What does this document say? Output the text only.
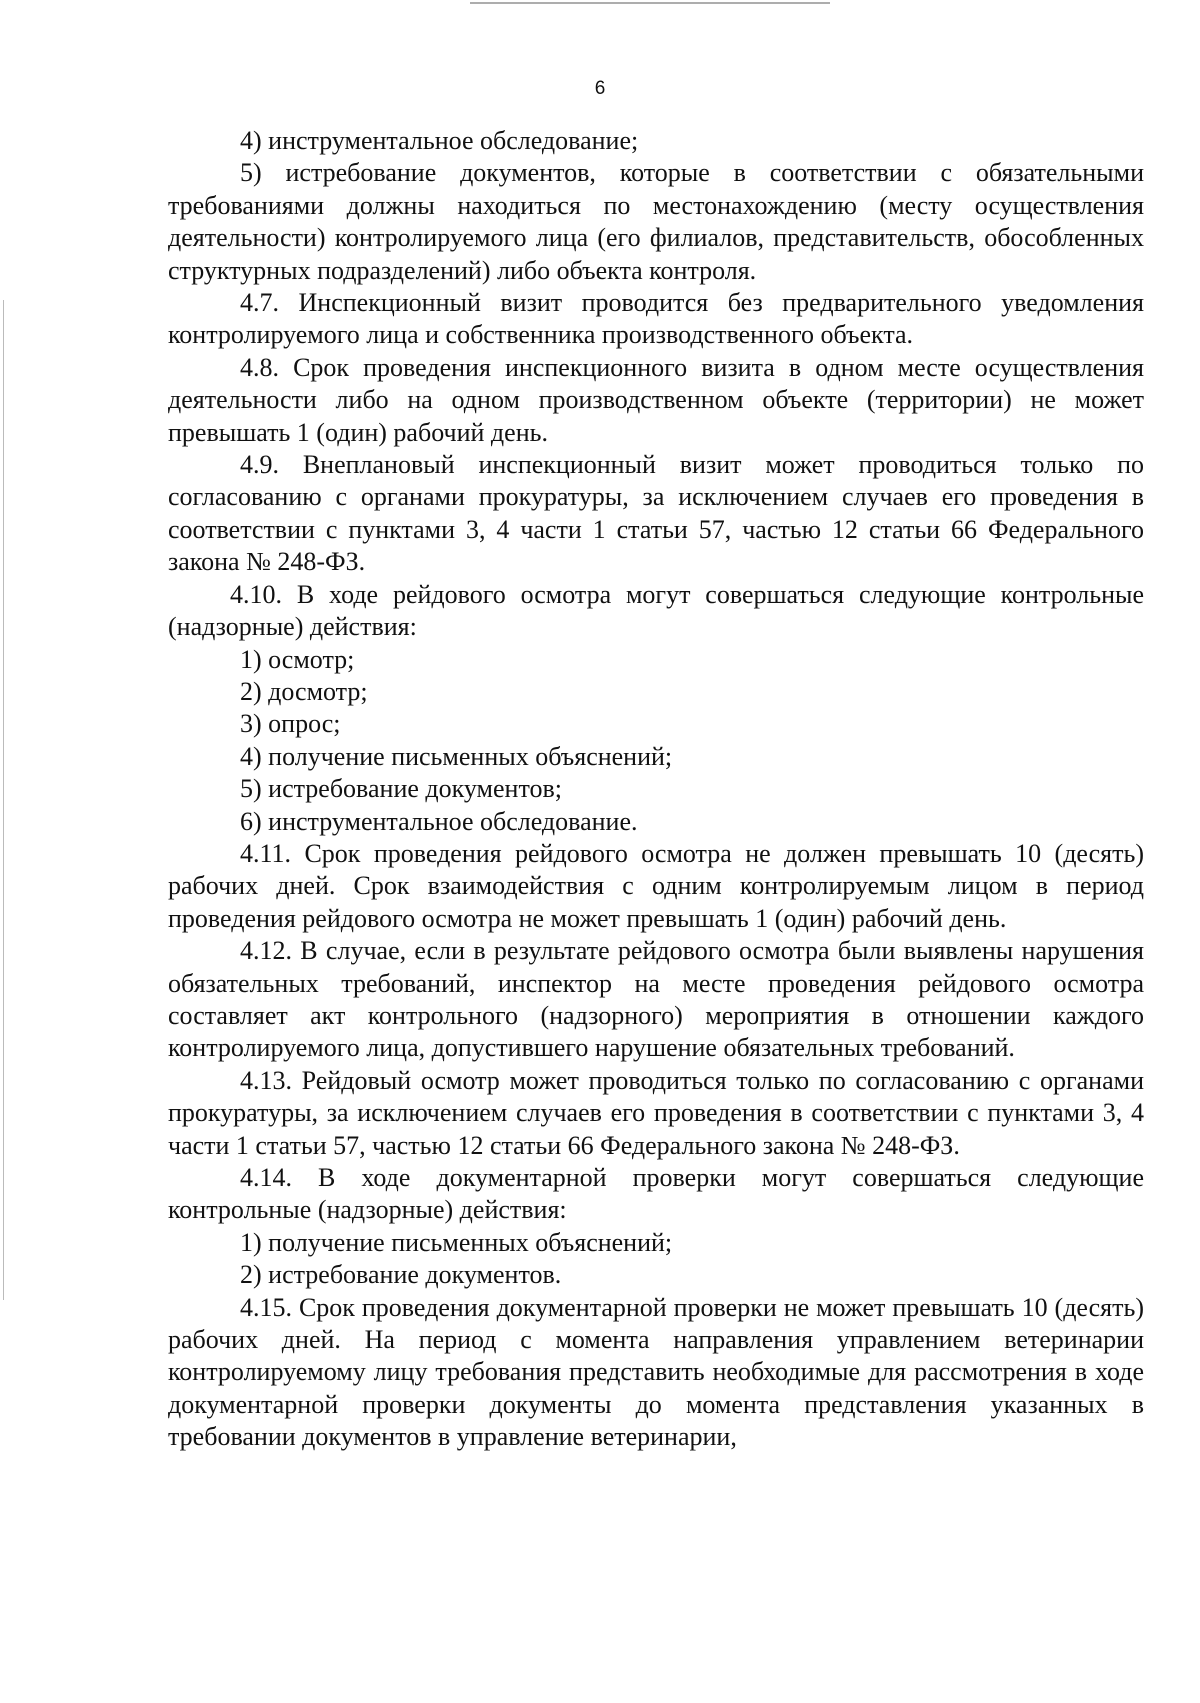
6

4) инструментальное обследование;

5) истребование документов, которые в соответствии с обязательными требованиями должны находиться по местонахождению (месту осуществления деятельности) контролируемого лица (его филиалов, представительств, обособленных структурных подразделений) либо объекта контроля.

4.7. Инспекционный визит проводится без предварительного уведомления контролируемого лица и собственника производственного объекта.

4.8. Срок проведения инспекционного визита в одном месте осуществления деятельности либо на одном производственном объекте (территории) не может превышать 1 (один) рабочий день.

4.9. Внеплановый инспекционный визит может проводиться только по согласованию с органами прокуратуры, за исключением случаев его проведения в соответствии с пунктами 3, 4 части 1 статьи 57, частью 12 статьи 66 Федерального закона № 248-ФЗ.

4.10. В ходе рейдового осмотра могут совершаться следующие контрольные (надзорные) действия:

1) осмотр;

2) досмотр;

3) опрос;

4) получение письменных объяснений;

5) истребование документов;

6) инструментальное обследование.

4.11. Срок проведения рейдового осмотра не должен превышать 10 (десять) рабочих дней. Срок взаимодействия с одним контролируемым лицом в период проведения рейдового осмотра не может превышать 1 (один) рабочий день.

4.12. В случае, если в результате рейдового осмотра были выявлены нарушения обязательных требований, инспектор на месте проведения рейдового осмотра составляет акт контрольного (надзорного) мероприятия в отношении каждого контролируемого лица, допустившего нарушение обязательных требований.

4.13. Рейдовый осмотр может проводиться только по согласованию с органами прокуратуры, за исключением случаев его проведения в соответствии с пунктами 3, 4 части 1 статьи 57, частью 12 статьи 66 Федерального закона № 248-ФЗ.

4.14. В ходе документарной проверки могут совершаться следующие контрольные (надзорные) действия:

1) получение письменных объяснений;

2) истребование документов.

4.15. Срок проведения документарной проверки не может превышать 10 (десять) рабочих дней. На период с момента направления управлением ветеринарии контролируемому лицу требования представить необходимые для рассмотрения в ходе документарной проверки документы до момента представления указанных в требовании документов в управление ветеринарии,
